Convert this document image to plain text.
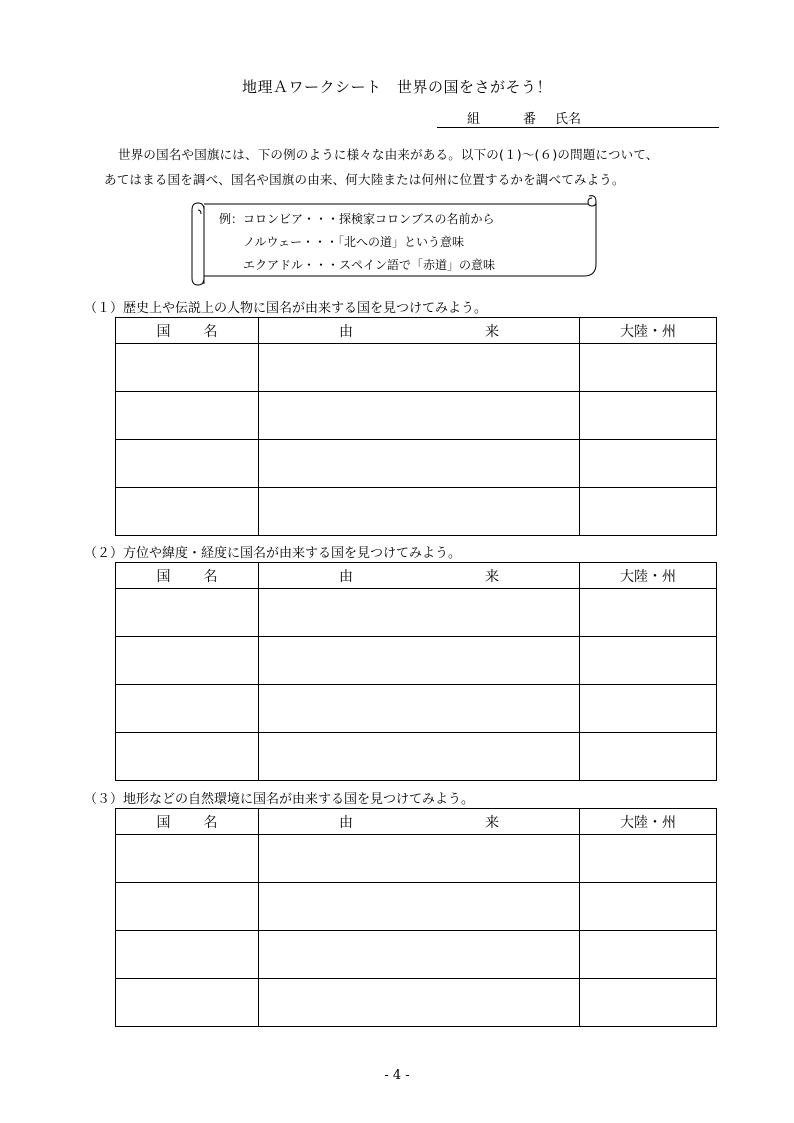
地理Ａワークシート　世界の国をさがそう！
組	番 氏名

世界の国名や国旗には、下の例のように様々な由来がある。以下の(１)～(６)の問題について、

あてはまる国を調べ、国名や国旗の由来、何大陸または何州に位置するかを調べてみよう。

例：コロンビア・・・探検家コロンブスの名前から
　　ノルウェー・・・「北への道」という意味
　　エクアドル・・・スペイン語で「赤道」の意味
（１）歴史上や伝説上の人物に国名が由来する国を見つけてみよう。
国 名	由 来	大陸・州

（２）方位や緯度・経度に国名が由来する国を見つけてみよう。
国 名	由 来	大陸・州

（３）地形などの自然環境に国名が由来する国を見つけてみよう。
国 名	由 来	大陸・州

- 4 -
